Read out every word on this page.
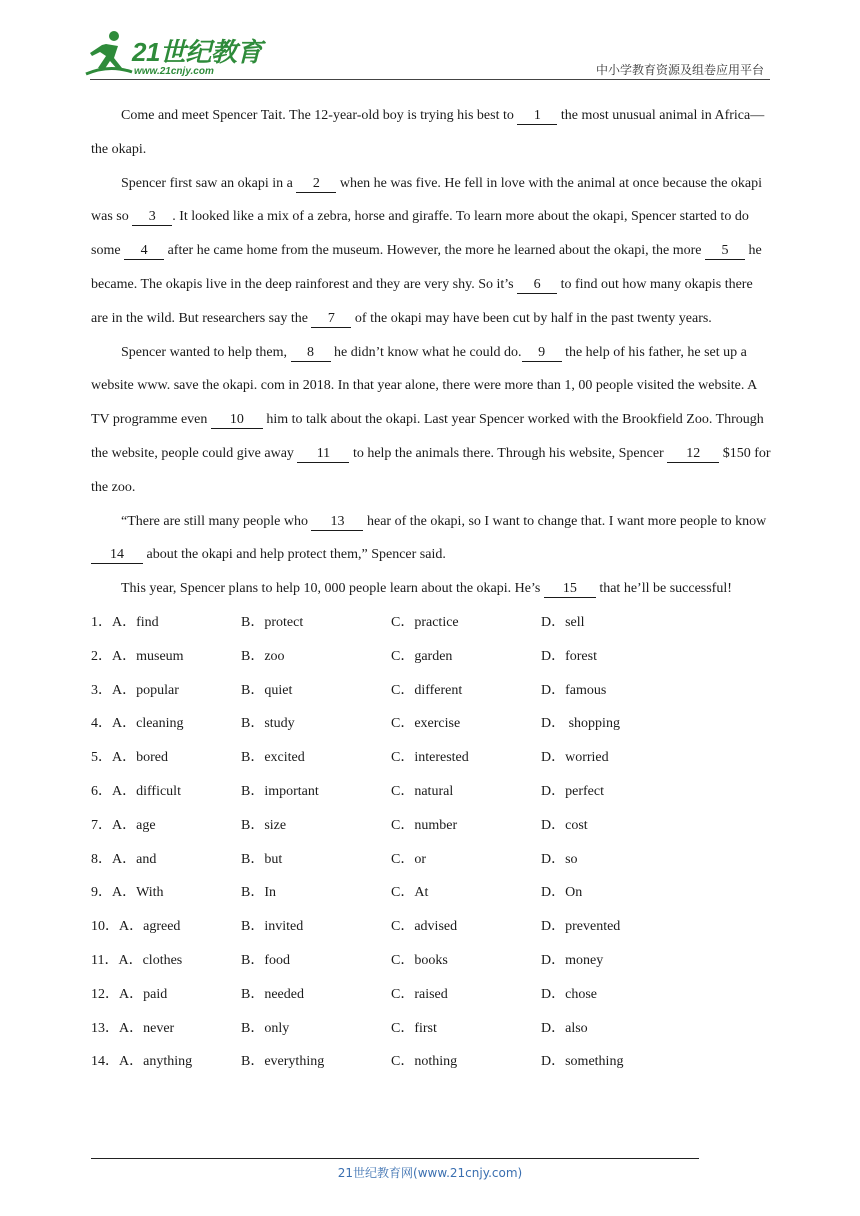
21世纪教育
www.21cnjy.com	中小学教育资源及组卷应用平台

Come and meet Spencer Tait. The 12-year-old boy is trying his best to 1 the most unusual animal in Africa—the okapi.

Spencer first saw an okapi in a 2 when he was five. He fell in love with the animal at once because the okapi was so 3 . It looked like a mix of a zebra, horse and giraffe. To learn more about the okapi, Spencer started to do some 4 after he came home from the museum. However, the more he learned about the okapi, the more 5 he became. The okapis live in the deep rainforest and they are very shy. So it’s 6 to find out how many okapis there are in the wild. But researchers say the 7 of the okapi may have been cut by half in the past twenty years.

Spencer wanted to help them, 8 he didn’t know what he could do. 9 the help of his father, he set up a website www. save the okapi. com in 2018. In that year alone, there were more than 1, 00 people visited the website. A TV programme even 10 him to talk about the okapi. Last year Spencer worked with the Brookfield Zoo. Through the website, people could give away 11 to help the animals there. Through his website, Spencer 12 $150 for the zoo.

“There are still many people who 13 hear of the okapi, so I want to change that. I want more people to know 14 about the okapi and help protect them,” Spencer said.

This year, Spencer plans to help 10, 000 people learn about the okapi. He’s 15 that he’ll be successful!

1．A．find	B．protect	C．practice	D．sell
2．A．museum	B．zoo	C．garden	D．forest
3．A．popular	B．quiet	C．different	D．famous
4．A．cleaning	B．study	C．exercise	D． shopping
5．A．bored	B．excited	C．interested	D．worried
6．A．difficult	B．important	C．natural	D．perfect
7．A．age	B．size	C．number	D．cost
8．A．and	B．but	C．or	D．so
9．A．With	B．In	C．At	D．On
10．A．agreed	B．invited	C．advised	D．prevented
11．A．clothes	B．food	C．books	D．money
12．A．paid	B．needed	C．raised	D．chose
13．A．never	B．only	C．first	D．also
14．A．anything	B．everything	C．nothing	D．something
21世纪教育网(www.21cnjy.com)
